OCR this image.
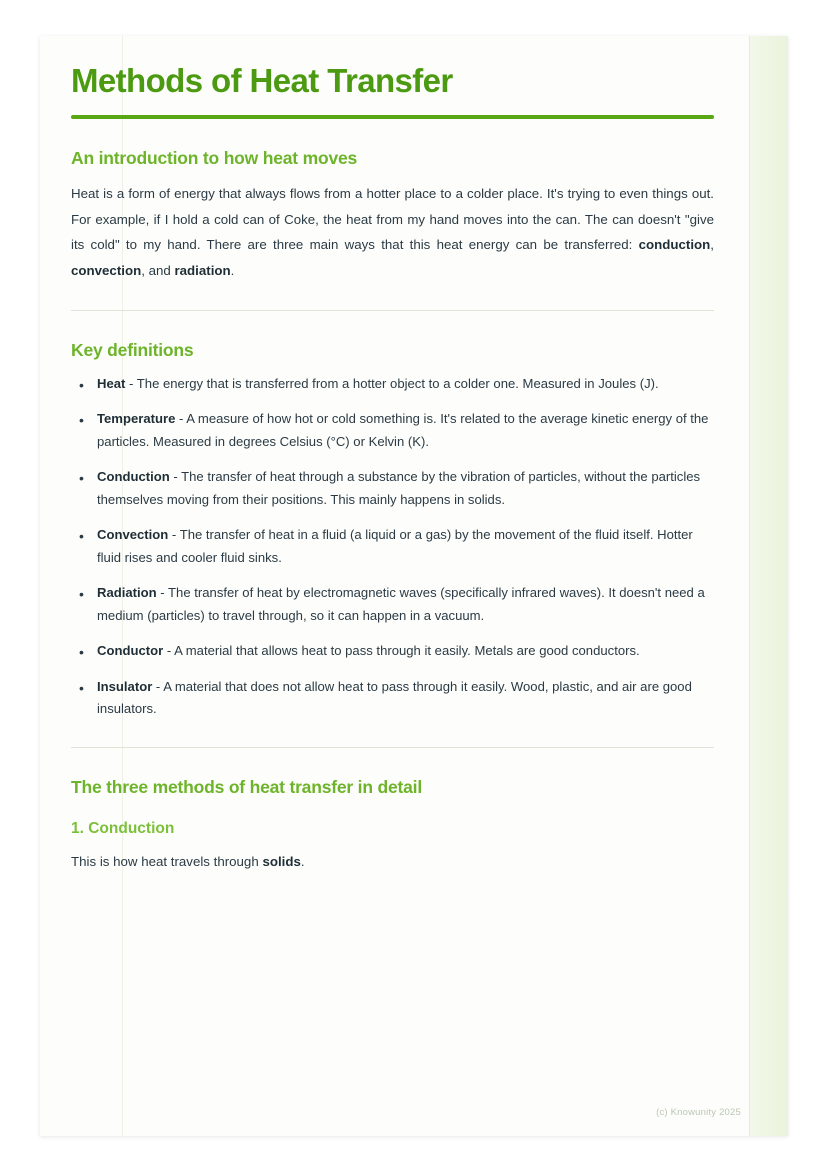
Methods of Heat Transfer
An introduction to how heat moves

Heat is a form of energy that always flows from a hotter place to a colder place. It's trying to even things out. For example, if I hold a cold can of Coke, the heat from my hand moves into the can. The can doesn't "give its cold" to my hand. There are three main ways that this heat energy can be transferred: conduction, convection, and radiation.

Key definitions
• Heat - The energy that is transferred from a hotter object to a colder one. Measured in Joules (J).
• Temperature - A measure of how hot or cold something is. It's related to the average kinetic energy of the particles. Measured in degrees Celsius (°C) or Kelvin (K).
• Conduction - The transfer of heat through a substance by the vibration of particles, without the particles themselves moving from their positions. This mainly happens in solids.
• Convection - The transfer of heat in a fluid (a liquid or a gas) by the movement of the fluid itself. Hotter fluid rises and cooler fluid sinks.
• Radiation - The transfer of heat by electromagnetic waves (specifically infrared waves). It doesn't need a medium (particles) to travel through, so it can happen in a vacuum.
• Conductor - A material that allows heat to pass through it easily. Metals are good conductors.
• Insulator - A material that does not allow heat to pass through it easily. Wood, plastic, and air are good insulators.
The three methods of heat transfer in detail
1. Conduction

This is how heat travels through solids.

(c) Knowunity 2025
